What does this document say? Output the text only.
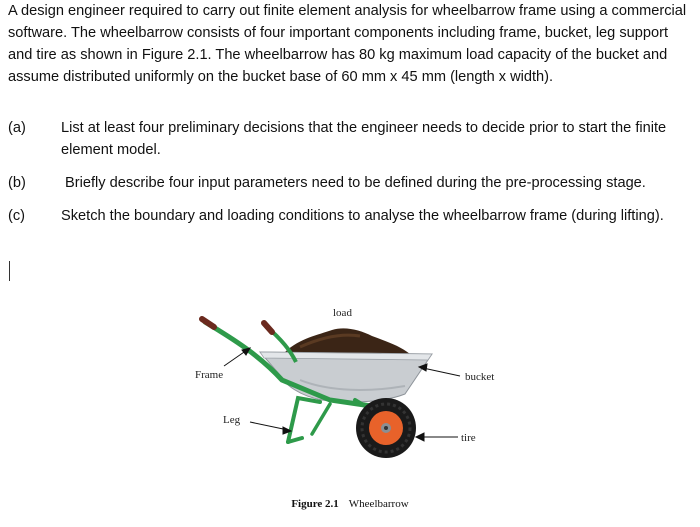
A design engineer required to carry out finite element analysis for wheelbarrow frame using a commercial software. The wheelbarrow consists of four important components including frame, bucket, leg support and tire as shown in Figure 2.1. The wheelbarrow has 80 kg maximum load capacity of the bucket and assume distributed uniformly on the bucket base of 60 mm x 45 mm (length x width).
(a) List at least four preliminary decisions that the engineer needs to decide prior to start the finite element model.
(b)	Briefly describe four input parameters need to be defined during the pre-processing stage.
(c) Sketch the boundary and loading conditions to analyse the wheelbarrow frame (during lifting).
load
Frame
Leg
bucket
tire
Figure 2.1 Wheelbarrow
